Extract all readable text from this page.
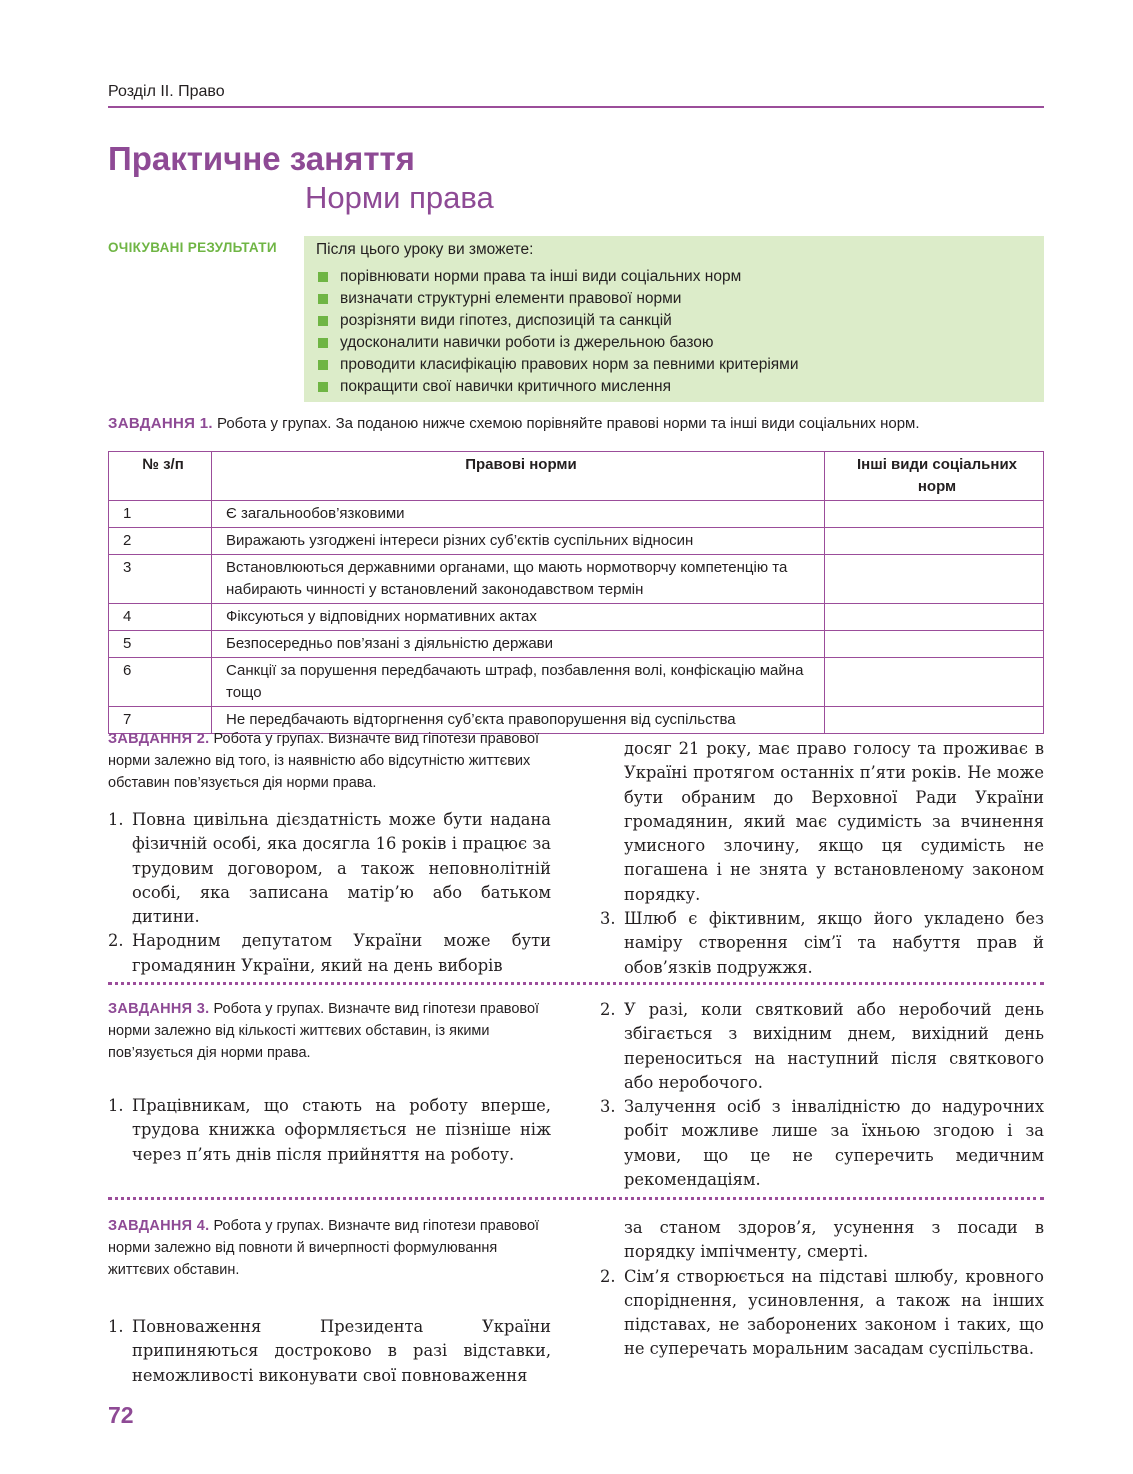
Розділ ІІ. Право
Практичне заняття
Норми права
ОЧІКУВАНІ РЕЗУЛЬТАТИ	Після цього уроку ви зможете:
порівнювати норми права та інші види соціальних норм
визначати структурні елементи правової норми
розрізняти види гіпотез, диспозицій та санкцій
удосконалити навички роботи із джерельною базою
проводити класифікацію правових норм за певними критеріями
покращити свої навички критичного мислення
ЗАВДАННЯ 1. Робота у групах. За поданою нижче схемою порівняйте правові норми та інші види соціальних норм.
№ з/п	Правові норми	Інші види соціальних норм
1	Є загальнообов’язковими	
2	Виражають узгоджені інтереси різних суб’єктів суспільних відносин	
3	Встановлюються державними органами, що мають нормотворчу компетенцію та набирають чинності у встановлений законодавством термін	
4	Фіксуються у відповідних нормативних актах	
5	Безпосередньо пов’язані з діяльністю держави	
6	Санкції за порушення передбачають штраф, позбавлення волі, конфіскацію майна тощо	
7	Не передбачають відторгнення суб’єкта правопорушення від суспільства	
ЗАВДАННЯ 2. Робота у групах. Визначте вид гіпотези правової норми залежно від того, із наявністю або відсутністю життєвих обставин пов’язується дія норми права.
1. Повна цивільна дієздатність може бути надана фізичній особі, яка досягла 16 років і працює за трудовим договором, а також неповнолітній особі, яка записана матір’ю або батьком дитини.
2. Народним депутатом України може бути громадянин України, який на день виборів
досяг 21 року, має право голосу та проживає в Україні протягом останніх п’яти років. Не може бути обраним до Верховної Ради України громадянин, який має судимість за вчинення умисного злочину, якщо ця судимість не погашена і не знята у встановленому законом порядку.
3. Шлюб є фіктивним, якщо його укладено без наміру створення сім’ї та набуття прав й обов’язків подружжя.
ЗАВДАННЯ 3. Робота у групах. Визначте вид гіпотези правової норми залежно від кількості життєвих обставин, із якими пов’язується дія норми права.
1. Працівникам, що стають на роботу вперше, трудова книжка оформляється не пізніше ніж через п’ять днів після прийняття на роботу.
2. У разі, коли святковий або неробочий день збігається з вихідним днем, вихідний день переноситься на наступний після святкового або неробочого.
3. Залучення осіб з інвалідністю до надурочних робіт можливе лише за їхньою згодою і за умови, що це не суперечить медичним рекомендаціям.
ЗАВДАННЯ 4. Робота у групах. Визначте вид гіпотези правової норми залежно від повноти й вичерпності формулювання життєвих обставин.
1. Повноваження Президента України припиняються достроково в разі відставки, неможливості виконувати свої повноваження
за станом здоров’я, усунення з посади в порядку імпічменту, смерті.
2. Сім’я створюється на підставі шлюбу, кровного споріднення, усиновлення, а також на інших підставах, не заборонених законом і таких, що не суперечать моральним засадам суспільства.
72
